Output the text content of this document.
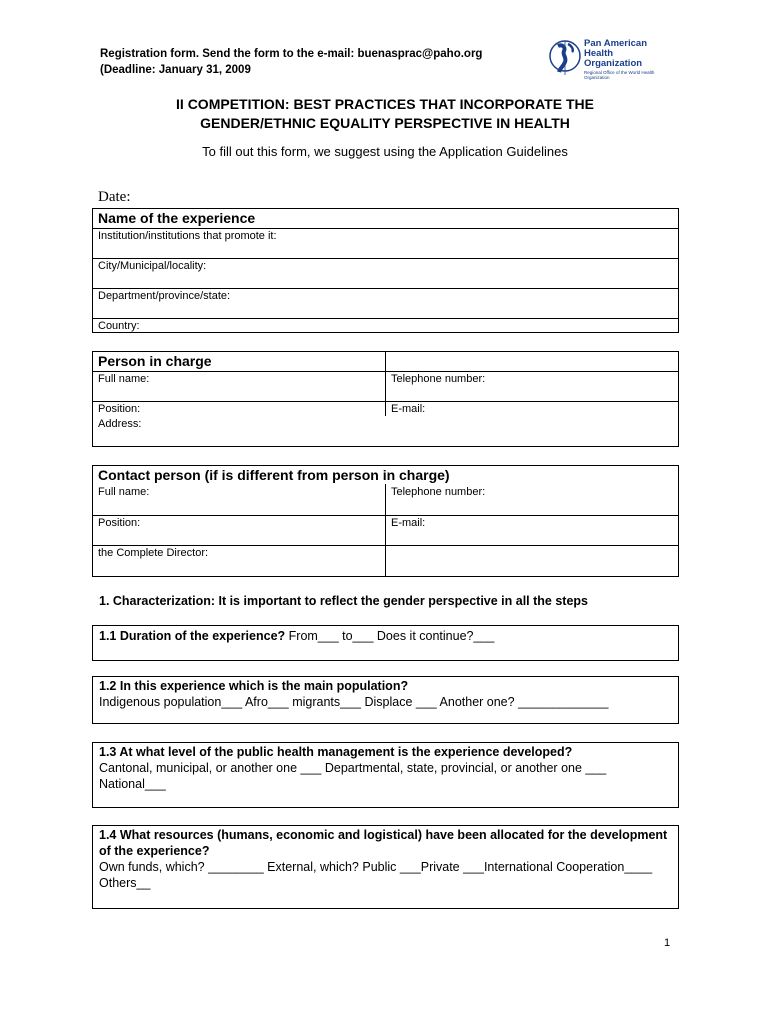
Registration form. Send the form to the e-mail: buenasprac@paho.org
(Deadline: January 31, 2009
Pan American
Health
Organization
Regional Office of the World Health Organization
II COMPETITION: BEST PRACTICES THAT INCORPORATE THE
GENDER/ETHNIC EQUALITY PERSPECTIVE IN HEALTH
To fill out this form, we suggest using the Application Guidelines
Date:
Name of the experience
Institution/institutions that promote it:
City/Municipal/locality:
Department/province/state:
Country:
Person in charge
Full name:	Telephone number:
Position:	E-mail:
Address:
Contact person (if is different from person in charge)
Full name:	Telephone number:
Position:	E-mail:
the Complete Director:
1. Characterization: It is important to reflect the gender perspective in all the steps
1.1 Duration of the experience? From___ to___ Does it continue?___
1.2 In this experience which is the main population?
Indigenous population___ Afro___ migrants___ Displace ___ Another one? _____________
1.3 At what level of the public health management is the experience developed?
Cantonal, municipal, or another one ___ Departmental, state, provincial, or another one ___ National___
1.4 What resources (humans, economic and logistical) have been allocated for the development of the experience?
Own funds, which? ________ External, which? Public ___Private ___International Cooperation____ Others__
1
